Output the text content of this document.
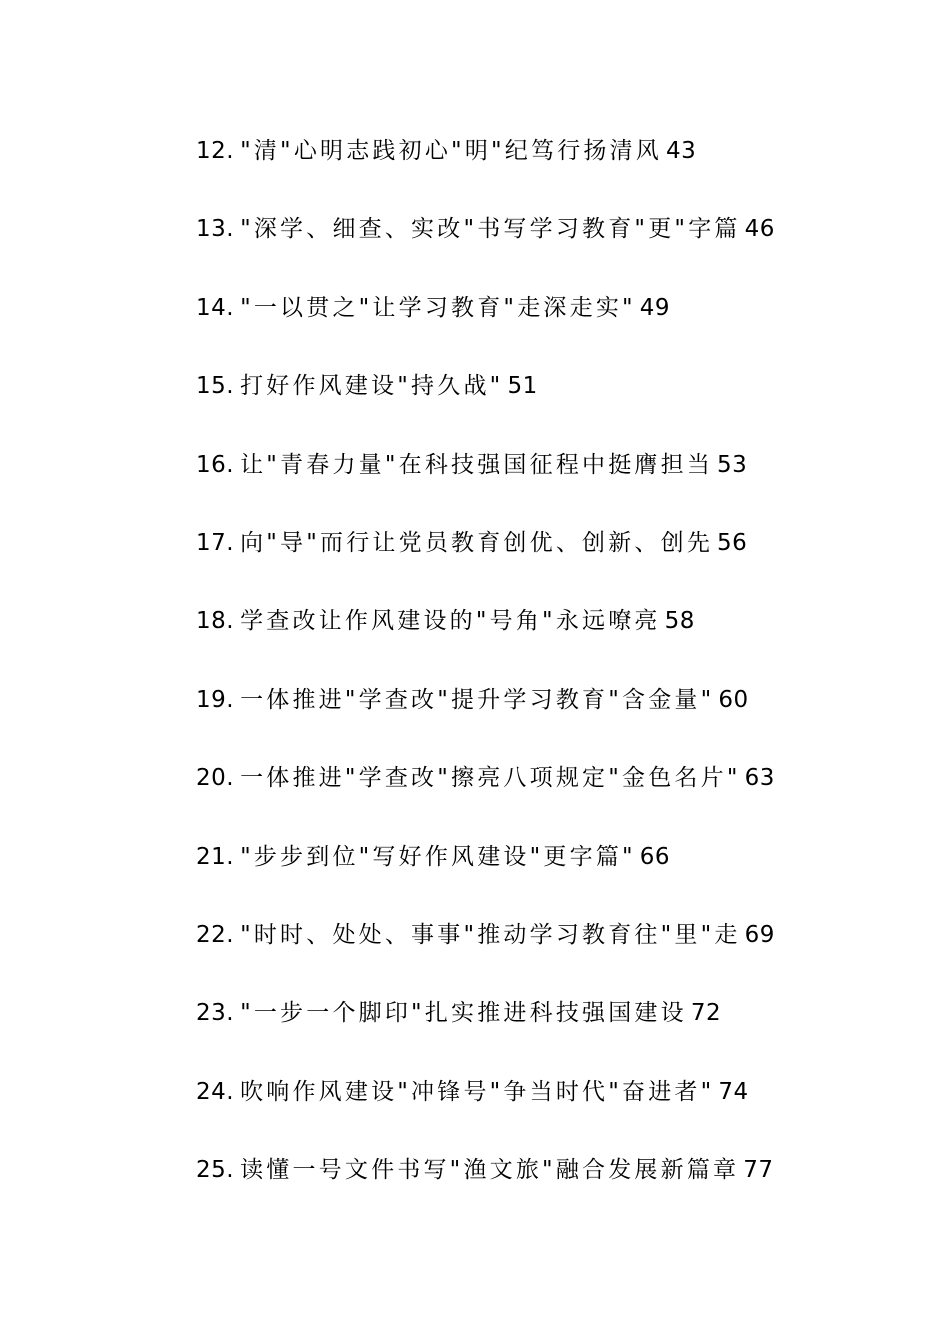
12. "清"心明志践初心"明"纪笃行扬清风 43
13. "深学、细查、实改"书写学习教育"更"字篇 46
14. "一以贯之"让学习教育"走深走实" 49
15. 打好作风建设"持久战" 51
16. 让"青春力量"在科技强国征程中挺膺担当 53
17. 向"导"而行让党员教育创优、创新、创先 56
18. 学查改让作风建设的"号角"永远嘹亮 58
19. 一体推进"学查改"提升学习教育"含金量" 60
20. 一体推进"学查改"擦亮八项规定"金色名片" 63
21. "步步到位"写好作风建设"更字篇" 66
22. "时时、处处、事事"推动学习教育往"里"走 69
23. "一步一个脚印"扎实推进科技强国建设 72
24. 吹响作风建设"冲锋号"争当时代"奋进者" 74
25. 读懂一号文件书写"渔文旅"融合发展新篇章 77
